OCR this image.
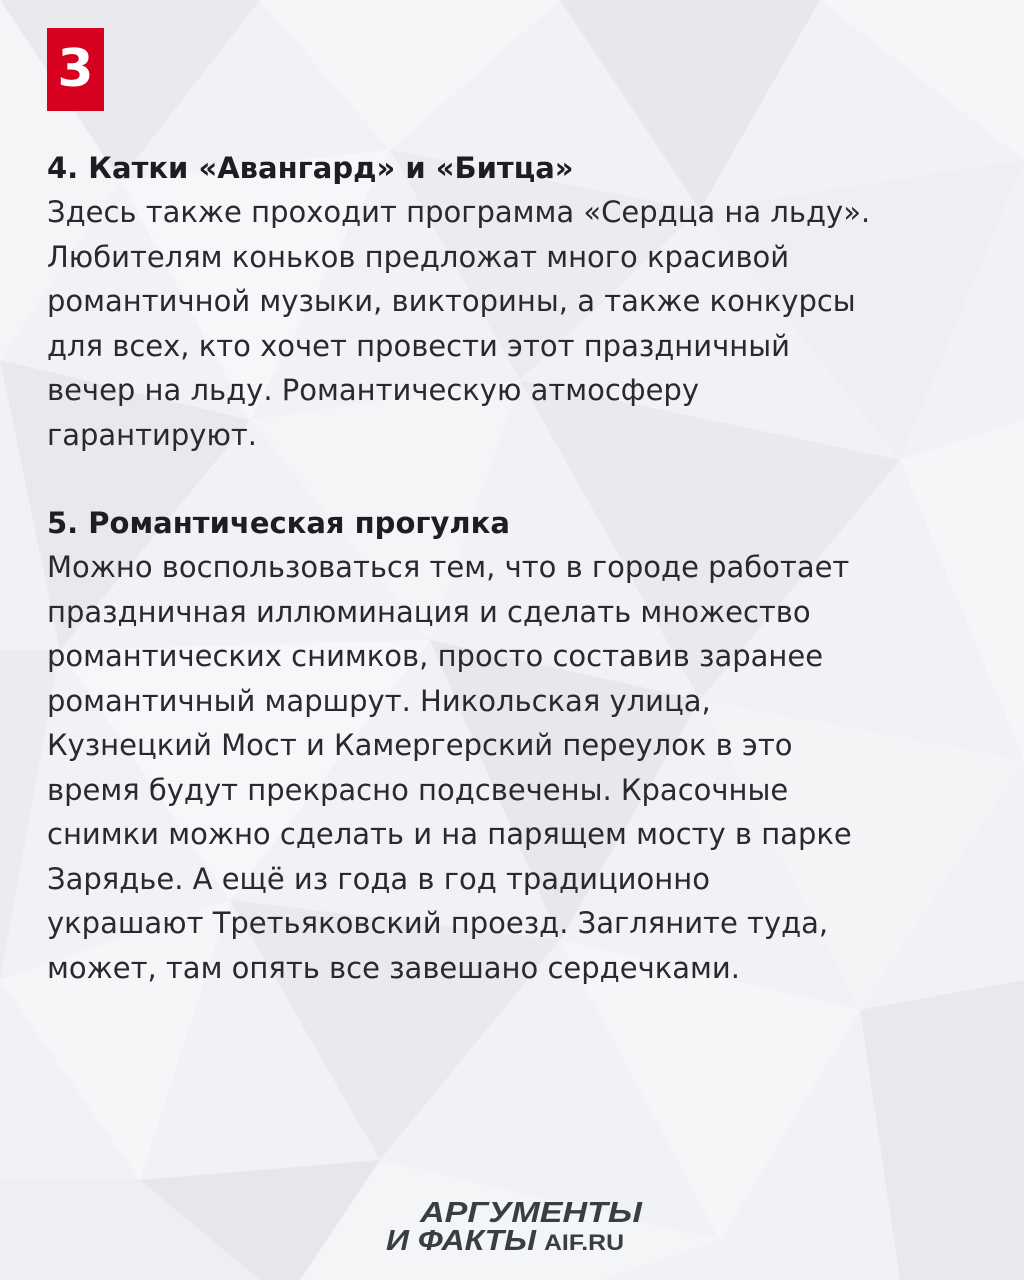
3

4. Катки «Авангард» и «Битца»

Здесь также проходит программа «Сердца на льду».
Любителям коньков предложат много красивой
романтичной музыки, викторины, а также конкурсы
для всех, кто хочет провести этот праздничный
вечер на льду. Романтическую атмосферу
гарантируют.

5. Романтическая прогулка

Можно воспользоваться тем, что в городе работает
праздничная иллюминация и сделать множество
романтических снимков, просто составив заранее
романтичный маршрут. Никольская улица,
Кузнецкий Мост и Камергерский переулок в это
время будут прекрасно подсвечены. Красочные
снимки можно сделать и на парящем мосту в парке
Зарядье. А ещё из года в год традиционно
украшают Третьяковский проезд. Загляните туда,
может, там опять все завешано сердечками.

АРГУМЕНТЫ
И ФАКТЫ AIF.RU
